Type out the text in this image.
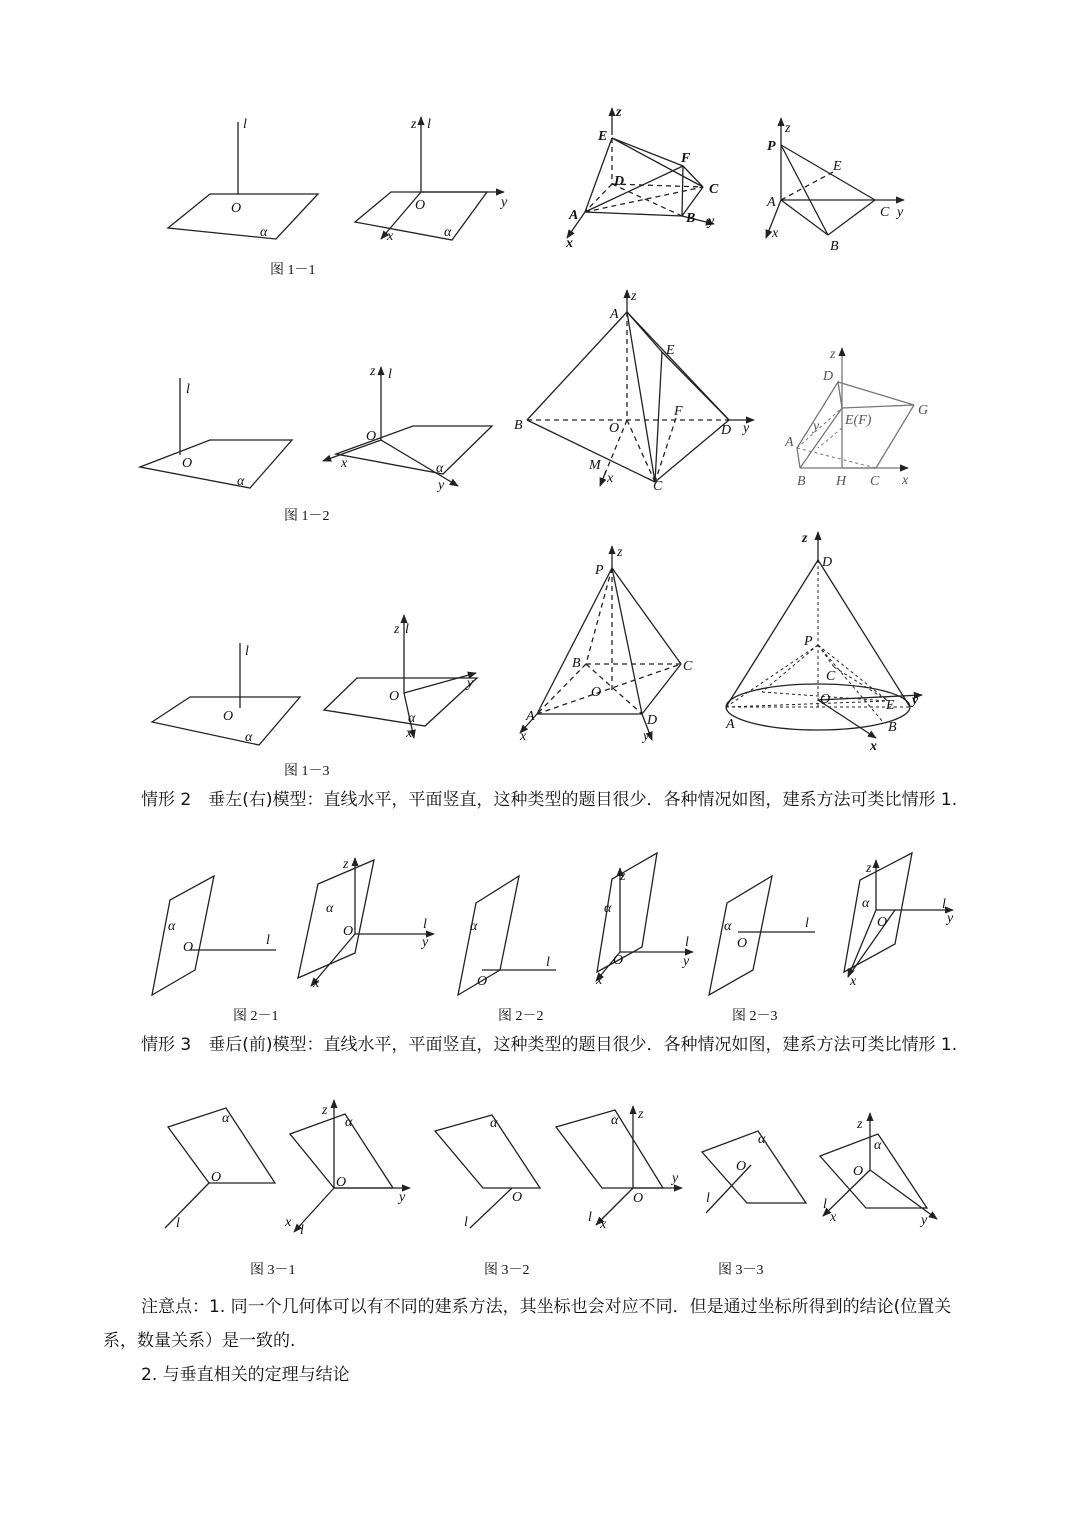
l
O
α
z l
y
x
O
α
z
E
F
D
C
A	B y
x
z
P
E
A
C y
x
B
图 1－1
l
O
α
z l
O
x	α
y
z
A
E
B	O
F
D y
M
x
C
z
D
y E(F)
G
A
B H C x
图 1－2
l
O
α
z l
O
y
α
x
z
P
B	C
O
A	D
x	y
z
D
P
C
O	E y
A	B
x
图 1－3
α
O	l
z
α
O	l
y
x
α
O
l
z
α
O
l
y
x
α
O
l
z
α
O
l
y
x
图 2－1	图 2－2	图 2－3
α
O
l
z
α
O
y
x
l
α
O
l
z
α
O
y
l x
α
O
l
z
α
O
y
l
x
图 3－1	图 3－2	图 3－3
情形 2　垂左(右)模型：直线水平，平面竖直，这种类型的题目很少．各种情况如图，建系方法可类比情形 1.
情形 3　垂后(前)模型：直线水平，平面竖直，这种类型的题目很少．各种情况如图，建系方法可类比情形 1.
注意点：1. 同一个几何体可以有不同的建系方法，其坐标也会对应不同．但是通过坐标所得到的结论(位置关系，数量关系）是一致的.
2. 与垂直相关的定理与结论
